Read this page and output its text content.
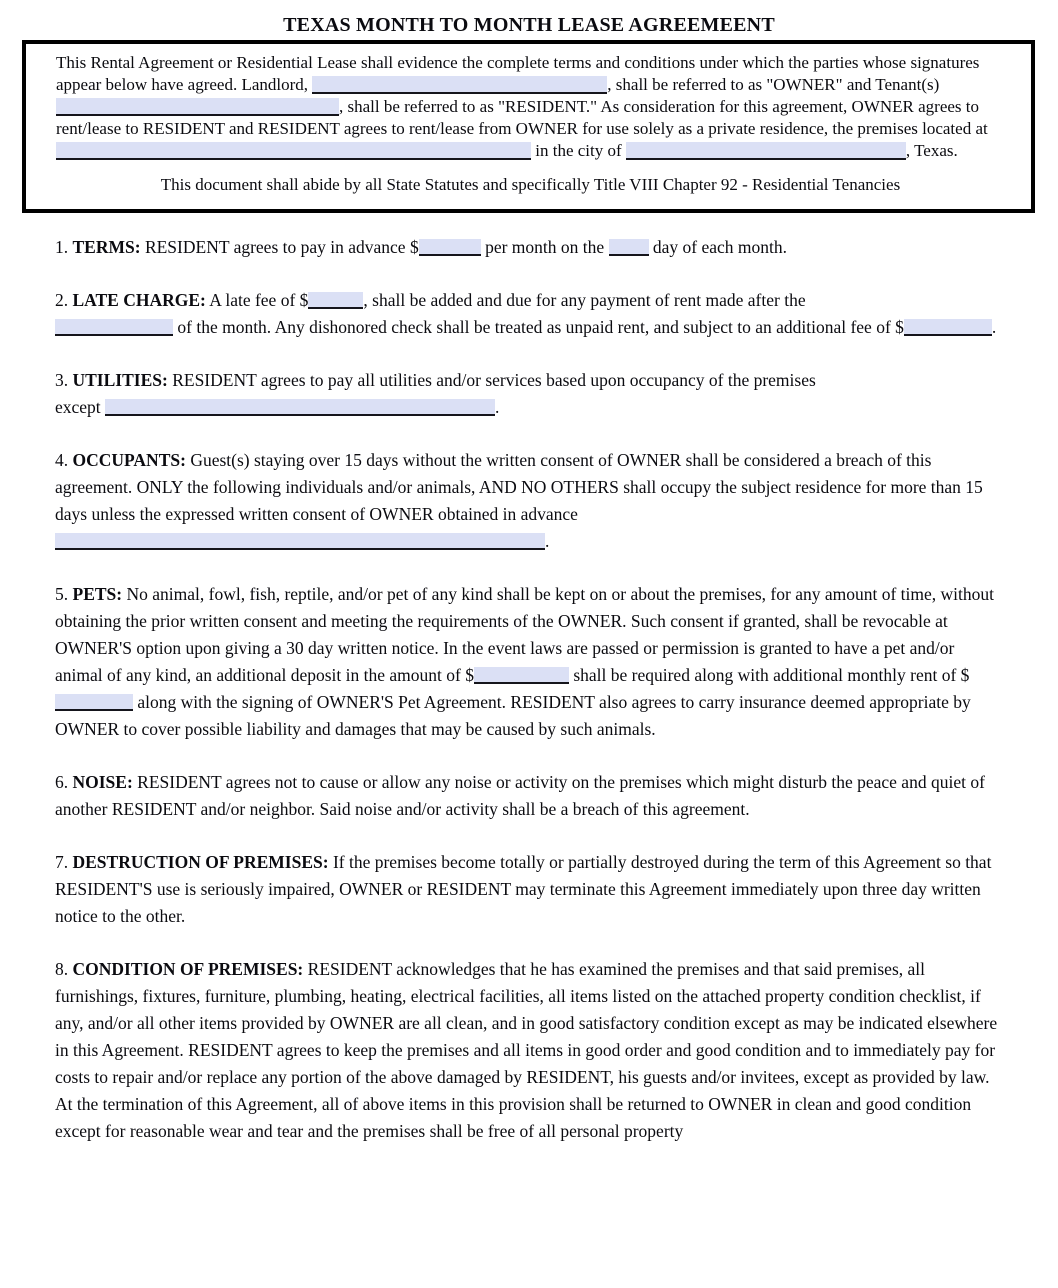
TEXAS MONTH TO MONTH LEASE AGREEMEENT

This Rental Agreement or Residential Lease shall evidence the complete terms and conditions under which the parties whose signatures appear below have agreed. Landlord,	, shall be referred to as "OWNER" and Tenant(s) , shall be referred to as "RESIDENT." As consideration for this agreement, OWNER agrees to rent/lease to RESIDENT and RESIDENT agrees to rent/lease from OWNER for use solely as a private residence, the premises located at  in the city of	, Texas.

This document shall abide by all State Statutes and specifically Title VIII Chapter 92 - Residential Tenancies

1. TERMS: RESIDENT agrees to pay in advance $	per month on the  day of each month.

2. LATE CHARGE: A late fee of $	, shall be added and due for any payment of rent made after the
of the month. Any dishonored check shall be treated as unpaid rent, and subject to an additional fee of $	.

3. UTILITIES: RESIDENT agrees to pay all utilities and/or services based upon occupancy of the premises
except	.

4. OCCUPANTS: Guest(s) staying over 15 days without the written consent of OWNER shall be considered a breach of this agreement. ONLY the following individuals and/or animals, AND NO OTHERS shall occupy the subject residence for more than 15 days unless the expressed written consent of OWNER obtained in advance
.

5. PETS: No animal, fowl, fish, reptile, and/or pet of any kind shall be kept on or about the premises, for any amount of time, without obtaining the prior written consent and meeting the requirements of the OWNER. Such consent if granted, shall be revocable at OWNER'S option upon giving a 30 day written notice. In the event laws are passed or permission is granted to have a pet and/or animal of any kind, an additional deposit in the amount of $	shall be required along with additional monthly rent of $ along with the signing of OWNER'S Pet Agreement. RESIDENT also agrees to carry insurance deemed appropriate by OWNER to cover possible liability and damages that may be caused by such animals.

6. NOISE: RESIDENT agrees not to cause or allow any noise or activity on the premises which might disturb the peace and quiet of another RESIDENT and/or neighbor. Said noise and/or activity shall be a breach of this agreement.

7. DESTRUCTION OF PREMISES: If the premises become totally or partially destroyed during the term of this Agreement so that RESIDENT'S use is seriously impaired, OWNER or RESIDENT may terminate this Agreement immediately upon three day written notice to the other.

8. CONDITION OF PREMISES: RESIDENT acknowledges that he has examined the premises and that said premises, all furnishings, fixtures, furniture, plumbing, heating, electrical facilities, all items listed on the attached property condition checklist, if any, and/or all other items provided by OWNER are all clean, and in good satisfactory condition except as may be indicated elsewhere in this Agreement. RESIDENT agrees to keep the premises and all items in good order and good condition and to immediately pay for costs to repair and/or replace any portion of the above damaged by RESIDENT, his guests and/or invitees, except as provided by law. At the termination of this Agreement, all of above items in this provision shall be returned to OWNER in clean and good condition except for reasonable wear and tear and the premises shall be free of all personal property
